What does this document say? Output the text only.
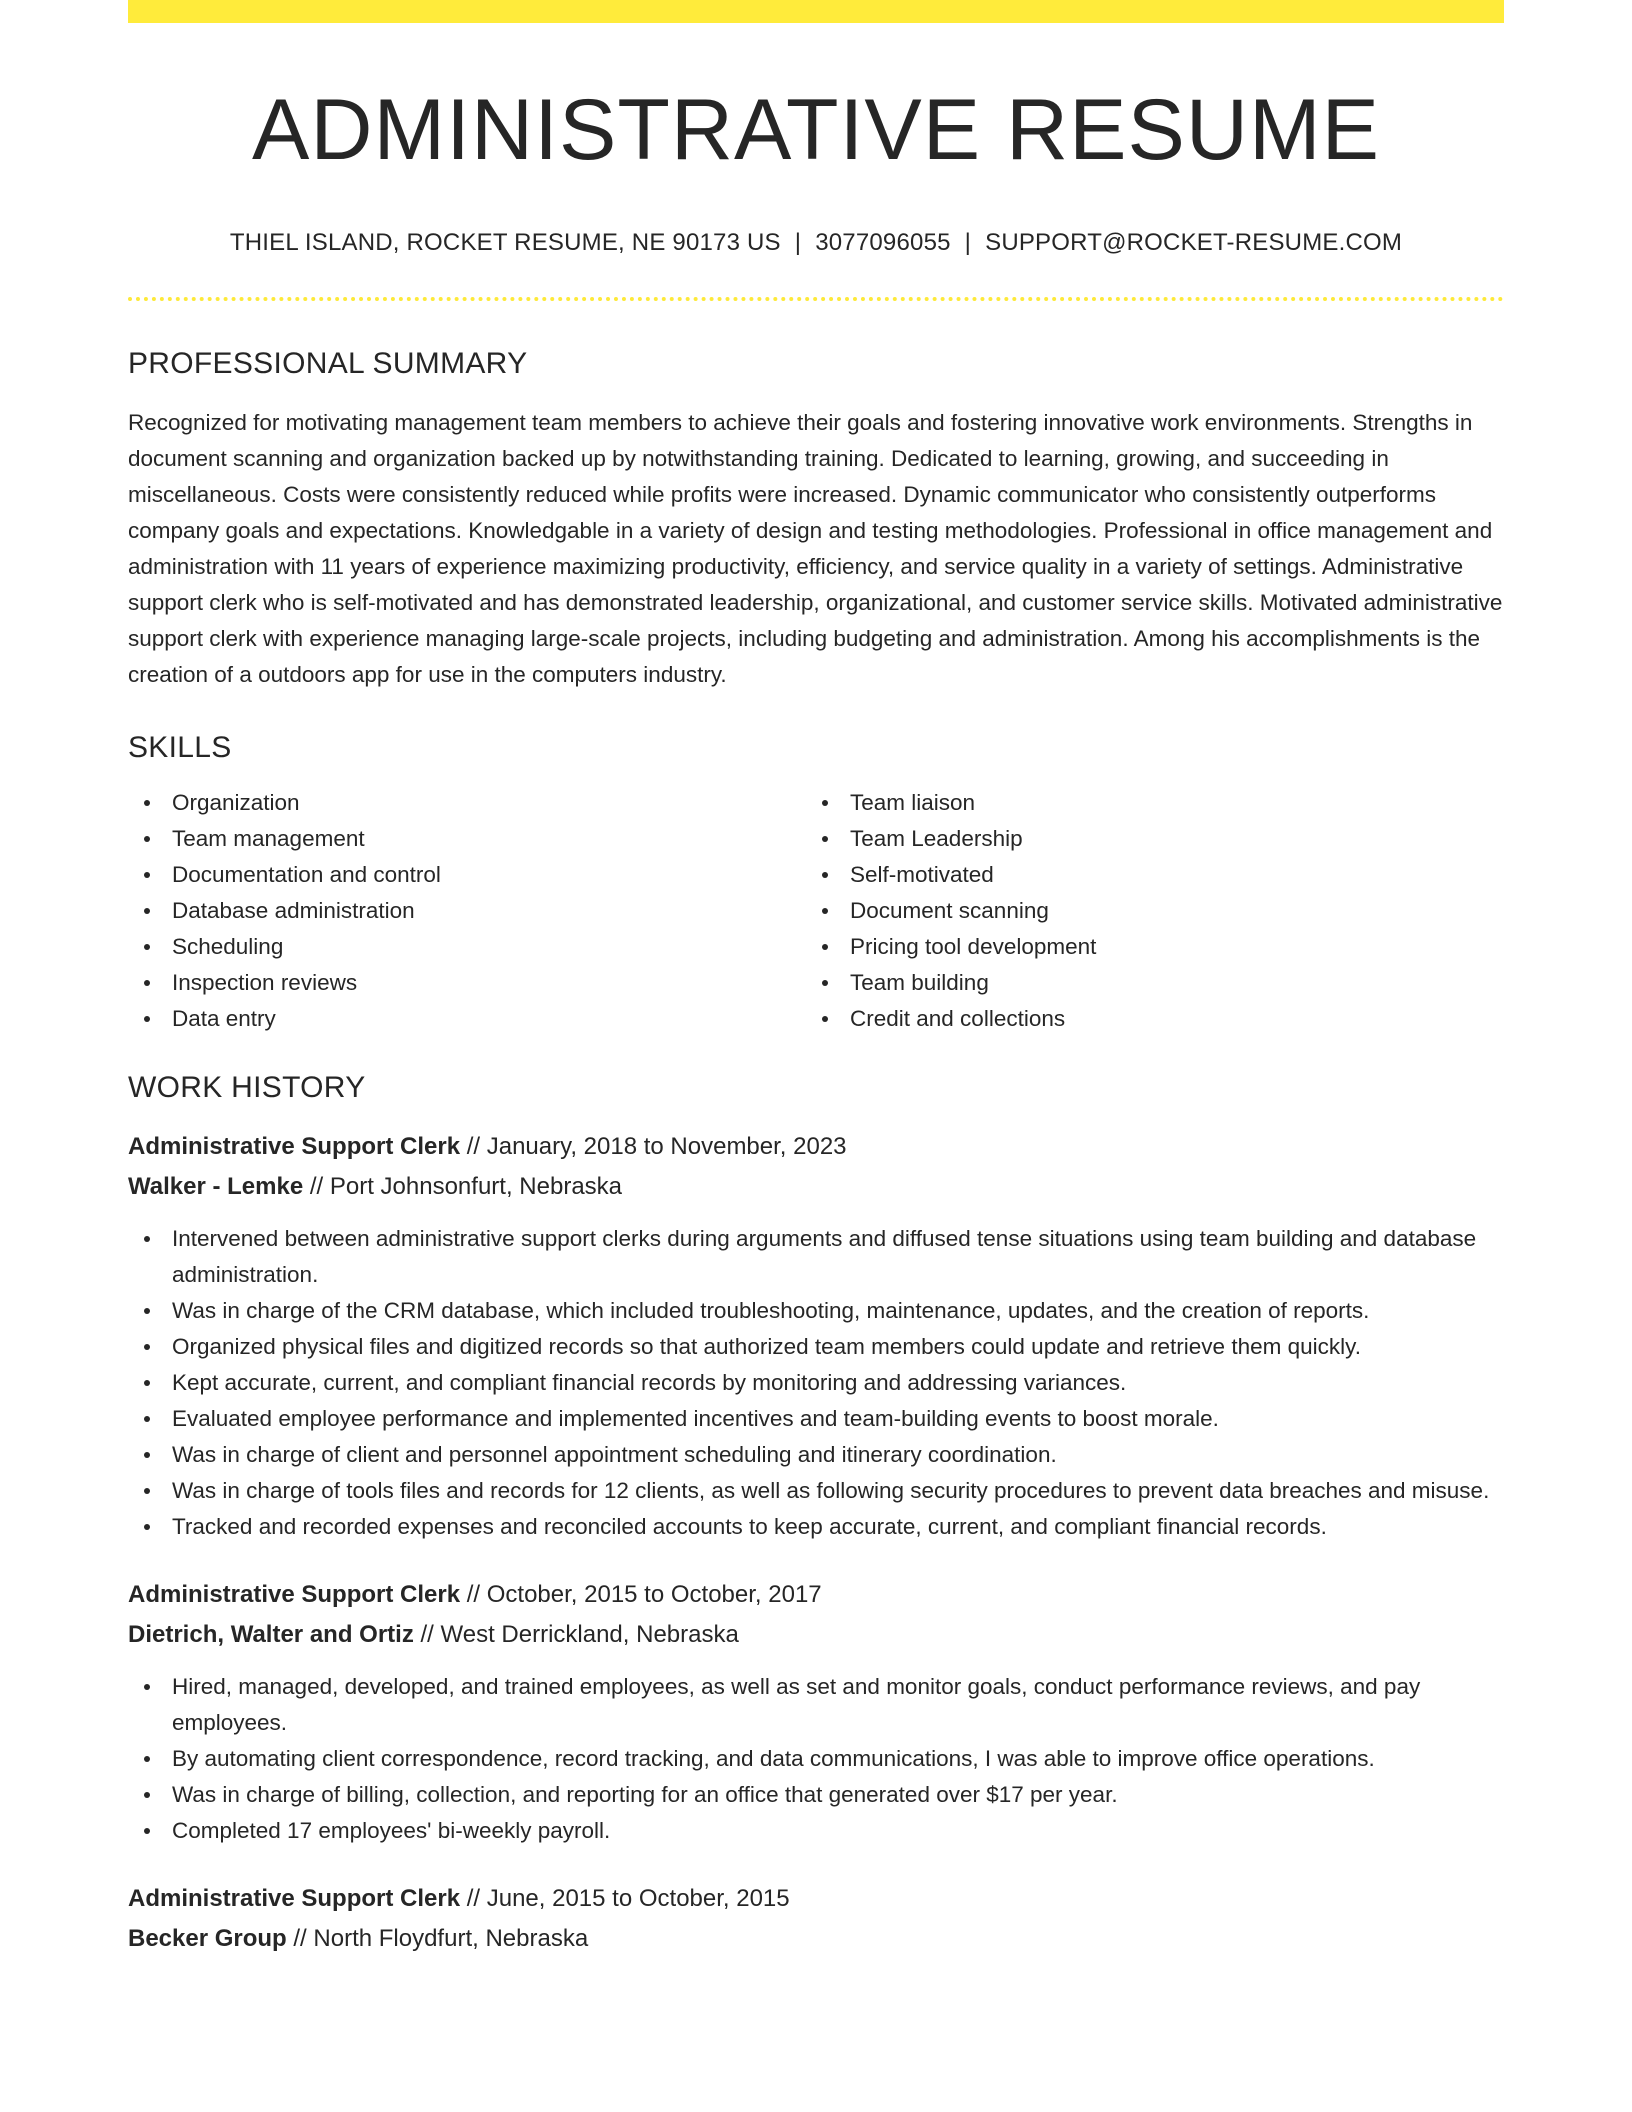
ADMINISTRATIVE RESUME
THIEL ISLAND, ROCKET RESUME, NE 90173 US | 3077096055 | SUPPORT@ROCKET-RESUME.COM
PROFESSIONAL SUMMARY

Recognized for motivating management team members to achieve their goals and fostering innovative work environments. Strengths in document scanning and organization backed up by notwithstanding training. Dedicated to learning, growing, and succeeding in miscellaneous. Costs were consistently reduced while profits were increased. Dynamic communicator who consistently outperforms company goals and expectations. Knowledgable in a variety of design and testing methodologies. Professional in office management and administration with 11 years of experience maximizing productivity, efficiency, and service quality in a variety of settings. Administrative support clerk who is self-motivated and has demonstrated leadership, organizational, and customer service skills. Motivated administrative support clerk with experience managing large-scale projects, including budgeting and administration. Among his accomplishments is the creation of a outdoors app for use in the computers industry.

SKILLS
Organization
Team management
Documentation and control
Database administration
Scheduling
Inspection reviews
Data entry
Team liaison
Team Leadership
Self-motivated
Document scanning
Pricing tool development
Team building
Credit and collections
WORK HISTORY
Administrative Support Clerk // January, 2018 to November, 2023
Walker - Lemke // Port Johnsonfurt, Nebraska
Intervened between administrative support clerks during arguments and diffused tense situations using team building and database administration.
Was in charge of the CRM database, which included troubleshooting, maintenance, updates, and the creation of reports.
Organized physical files and digitized records so that authorized team members could update and retrieve them quickly.
Kept accurate, current, and compliant financial records by monitoring and addressing variances.
Evaluated employee performance and implemented incentives and team-building events to boost morale.
Was in charge of client and personnel appointment scheduling and itinerary coordination.
Was in charge of tools files and records for 12 clients, as well as following security procedures to prevent data breaches and misuse.
Tracked and recorded expenses and reconciled accounts to keep accurate, current, and compliant financial records.
Administrative Support Clerk // October, 2015 to October, 2017
Dietrich, Walter and Ortiz // West Derrickland, Nebraska
Hired, managed, developed, and trained employees, as well as set and monitor goals, conduct performance reviews, and pay employees.
By automating client correspondence, record tracking, and data communications, I was able to improve office operations.
Was in charge of billing, collection, and reporting for an office that generated over $17 per year.
Completed 17 employees' bi-weekly payroll.
Administrative Support Clerk // June, 2015 to October, 2015
Becker Group // North Floydfurt, Nebraska
